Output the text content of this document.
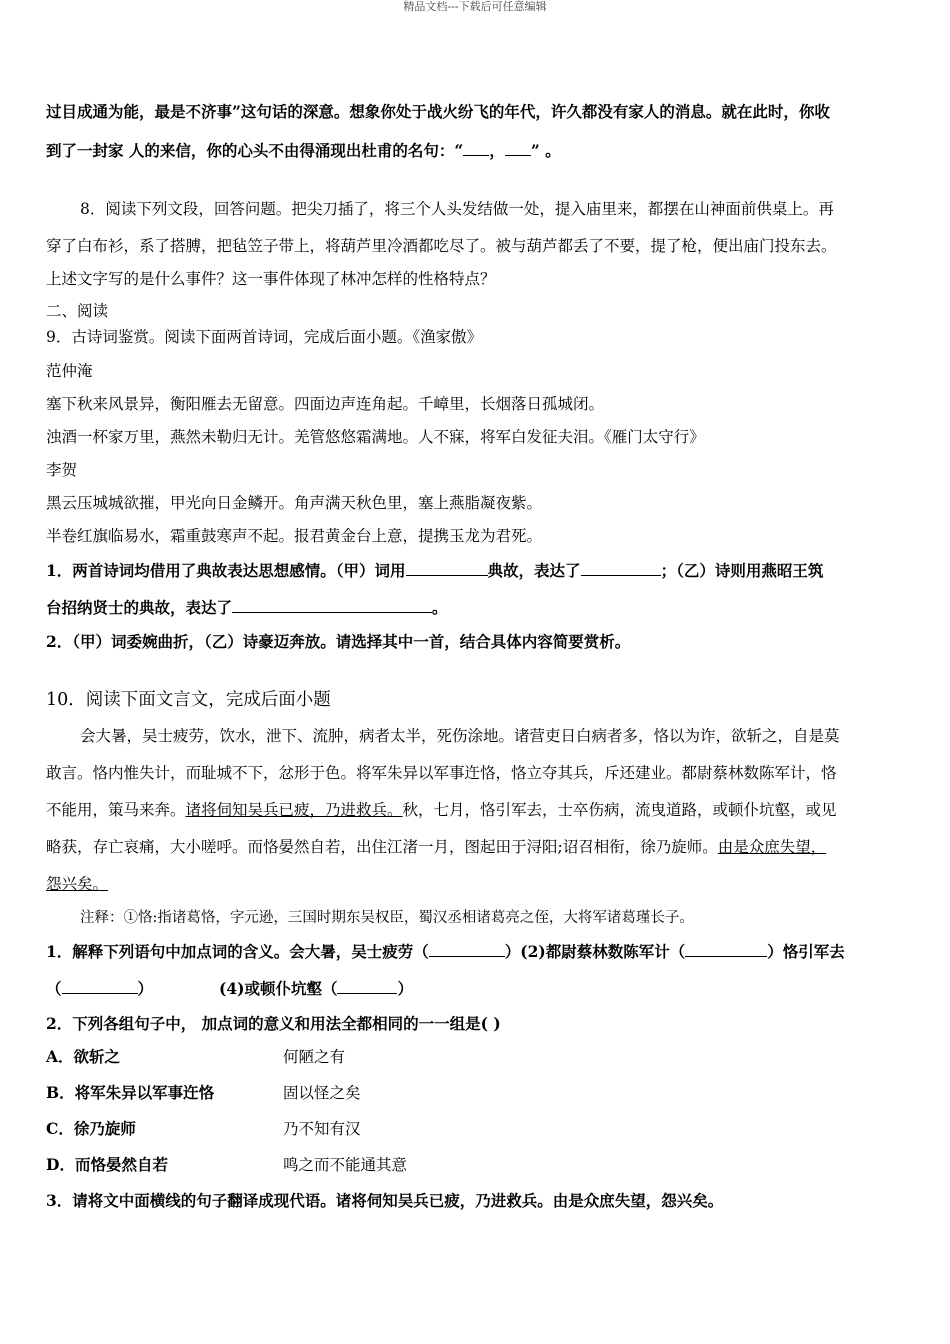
精品文档---下载后可任意编辑
过目成通为能，最是不济事”这句话的深意。想象你处于战火纷飞的年代，许久都没有家人的消息。就在此时，你收
到了一封家 人的来信，你的心头不由得涌现出杜甫的名句：“ ， ” 。
8．阅读下列文段，回答问题。把尖刀插了，将三个人头发结做一处，提入庙里来，都摆在山神面前供桌上。再
穿了白布衫，系了搭膊，把毡笠子带上，将葫芦里冷酒都吃尽了。被与葫芦都丢了不要，提了枪，便出庙门投东去。
上述文字写的是什么事件？这一事件体现了林冲怎样的性格特点？
二、阅读
9．古诗词鉴赏。阅读下面两首诗词，完成后面小题。《渔家傲》
范仲淹
塞下秋来风景异，衡阳雁去无留意。四面边声连角起。千嶂里，长烟落日孤城闭。
浊酒一杯家万里，燕然未勒归无计。羌管悠悠霜满地。人不寐，将军白发征夫泪。《雁门太守行》
李贺
黑云压城城欲摧，甲光向日金鳞开。角声满天秋色里，塞上燕脂凝夜紫。
半卷红旗临易水，霜重鼓寒声不起。报君黄金台上意，提携玉龙为君死。
1．两首诗词均借用了典故表达思想感情。（甲）词用	典故，表达了	；（乙）诗则用燕昭王筑
台招纳贤士的典故，表达了	。
2．（甲）词委婉曲折，（乙）诗豪迈奔放。请选择其中一首，结合具体内容简要赏析。
10．阅读下面文言文，完成后面小题
会大暑，吴士疲劳，饮水，泄下、流肿，病者太半，死伤涂地。诸营吏日白病者多，恪以为诈，欲斩之，自是莫
敢言。恪内惟失计，而耻城不下，忿形于色。将军朱异以军事迕恪，恪立夺其兵，斥还建业。都尉蔡林数陈军计，恪
不能用，策马来奔。诸将伺知吴兵已疲，乃进救兵。秋，七月，恪引军去，士卒伤病，流曳道路，或顿仆坑壑，或见
略获，存亡哀痛，大小嗟呼。而恪晏然自若，出住江渚一月，图起田于浔阳;诏召相衔，徐乃旋师。由是众庶失望，
怨兴矣。
注释：①恪:指诸葛恪，字元逊，三国时期东吴权臣，蜀汉丞相诸葛亮之侄，大将军诸葛瑾长子。
1．解释下列语句中加点词的含义。会大暑，吴士疲劳（	）(2)都尉蔡林数陈军计（	）恪引军去
（	）	(4)或顿仆坑壑（	）
2．下列各组句子中， 加点词的意义和用法全都相同的一一组是( )
A．欲斩之	何陋之有
B．将军朱异以军事迕恪	固以怪之矣
C．徐乃旋师	乃不知有汉
D．而恪晏然自若	鸣之而不能通其意
3．请将文中面横线的句子翻译成现代语。诸将伺知吴兵已疲，乃进救兵。由是众庶失望，怨兴矣。
